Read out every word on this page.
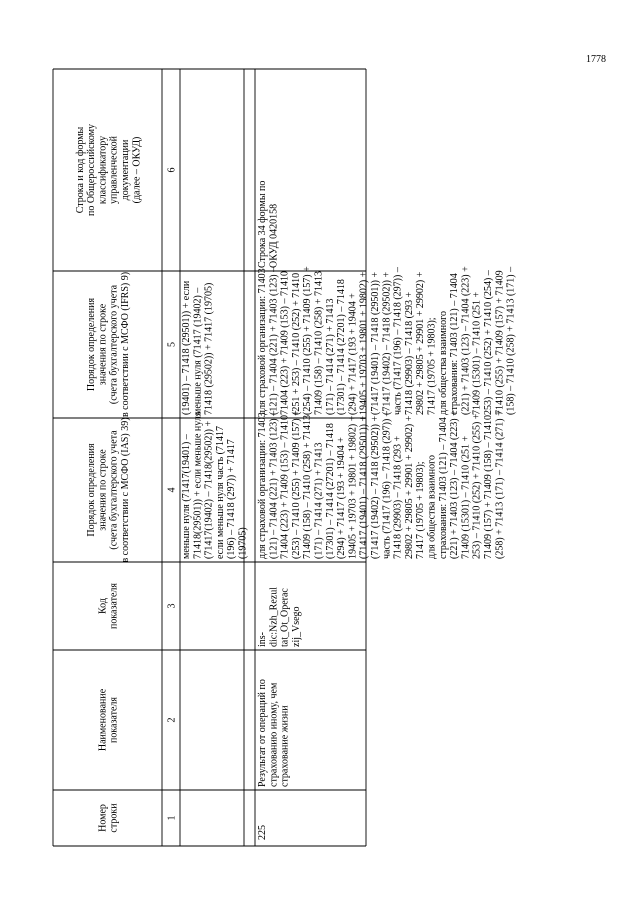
1778
Номер строки
Наименование показателя
Код показателя
Порядок определения значения по строке (счета бухгалтерского учета в соответствии с МСФО (IAS) 39)
Порядок определения значения по строке (счета бухгалтерского учета в соответствии с МСФО (IFRS) 9)
Строка и код формы по Общероссийскому классификатору управленческой документации (далее – ОКУД)
1
2
3
4
5
6
меньше нуля (71417(19401) – 71418(29501)) + если меньше нуля (71417(19402) – 71418(29502)) + если меньше нуля часть (71417 (196) – 71418 (297)) + 71417 (19705)
(19401) – 71418 (29501)) + если меньше нуля (71417 (19402) – 71418 (29502)) + 71417 (19705)
225
Результат от операций по страхованию иному, чем страхование жизни
ins- dic:Nzh_Rezul tat_Ot_Operac zij_Vsego
для страховой организации: 71403 (121) – 71404 (221) + 71403 (123) – 71404 (223) + 71409 (153) – 71410 (253) – 71410 (255) + 71409 (157) + 71409 (158) – 71410 (258) + 71413 (171) – 71414 (271) + 71413 (17301) – 71414 (27201) – 71418 (294) + 71417 (193 + 19404 + 19405 + 19703 + 19801 + 19802) + (71417 (19401) – 71418 (29501)) + (71417 (19402) – 71418 (29502)) + часть (71417 (196) – 71418 (297)) – 71418 (29903) – 71418 (293 + 29802 + 29805 + 29901 + 29902) + 71417 (19705 + 19803); для общества взаимного страхования: 71403 (121) – 71404 (221) + 71403 (123) – 71404 (223) + 71409 (15301) – 71410 (251 + 253) – 71410 (252) + 71410 (255) + 71409 (157) + 71409 (158) – 71410 (258) + 71413 (171) – 71414 (271) +
для страховой организации: 71403 (121) – 71404 (221) + 71403 (123) – 71404 (223) + 71409 (153) – 71410 (251 + 253) – 71410 (252) + 71410 (254) – 71410 (255) + 71409 (157) + 71409 (158) – 71410 (258) + 71413 (171) – 71414 (271) + 71413 (17301) – 71414 (27201) – 71418 (294) + 71417 (193 + 19404 + 19405 + 19703 + 19801 + 19802) + (71417 (19401) – 71418 (29501)) + (71417 (19402) – 71418 (29502)) + часть (71417 (196) – 71418 (297)) – 71418 (29903) – 71418 (293 + 29802 + 29805 + 29901 + 29902) + 71417 (19705 + 19803); для общества взаимного страхования: 71403 (121) – 71404 (221) + 71403 (123) – 71404 (223) + 71409 (15301) – 71410 (251 + 253) – 71410 (252) + 71410 (254) – 71410 (255) + 71409 (157) + 71409 (158) – 71410 (258) + 71413 (171) –
Строка 34 формы по ОКУД 0420158
